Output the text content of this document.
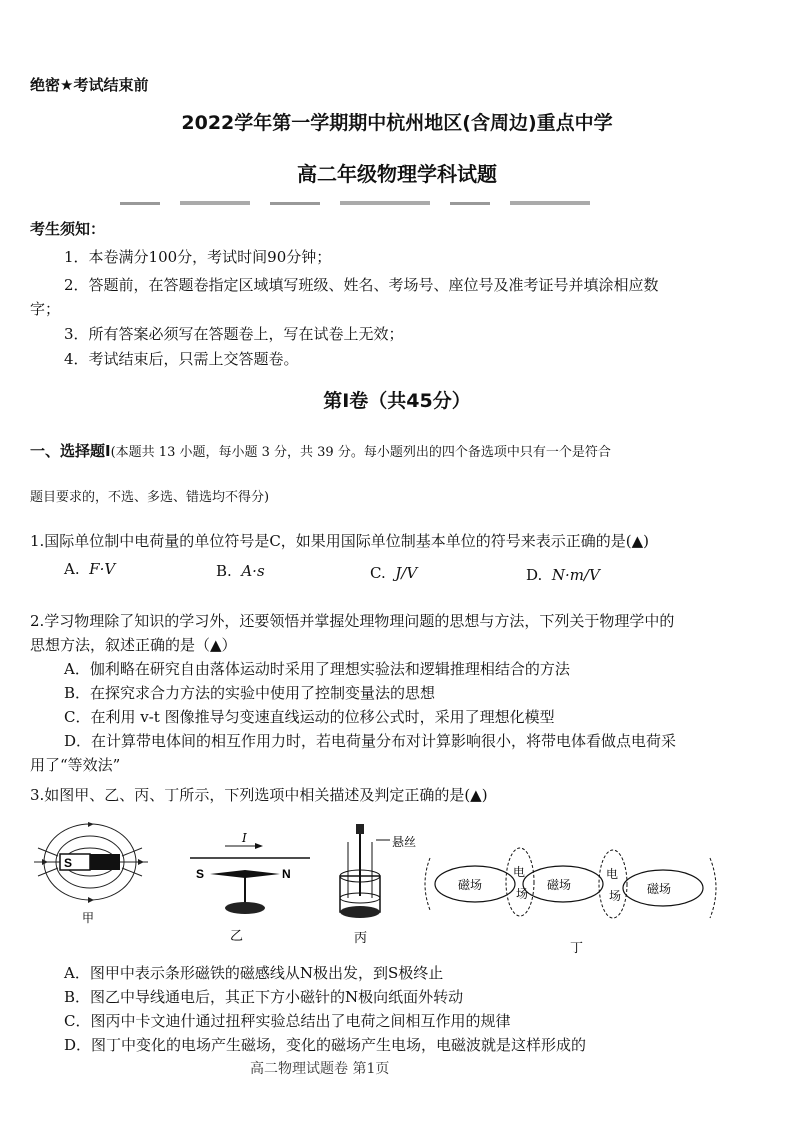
绝密★考试结束前
2022学年第一学期期中杭州地区(含周边)重点中学
高二年级物理学科试题
考生须知：
1．本卷满分100分，考试时间90分钟；
2．答题前，在答题卷指定区域填写班级、姓名、考场号、座位号及准考证号并填涂相应数
字；
3．所有答案必须写在答题卷上，写在试卷上无效；
4．考试结束后，只需上交答题卷。
第Ⅰ卷（共45分）
一、选择题Ⅰ(本题共 13 小题，每小题 3 分，共 39 分。每小题列出的四个备选项中只有一个是符合
题目要求的，不选、多选、错选均不得分)
1.国际单位制中电荷量的单位符号是C，如果用国际单位制基本单位的符号来表示正确的是(▲)
A. F·V	B. A·s	C. J/V	D. N·m/V
2.学习物理除了知识的学习外，还要领悟并掌握处理物理问题的思想与方法，下列关于物理学中的
思想方法，叙述正确的是（▲）
A．伽利略在研究自由落体运动时采用了理想实验法和逻辑推理相结合的方法
B．在探究求合力方法的实验中使用了控制变量法的思想
C．在利用 v-t 图像推导匀变速直线运动的位移公式时，采用了理想化模型
D．在计算带电体间的相互作用力时，若电荷量分布对计算影响很小，将带电体看做点电荷采
用了“等效法”
3.如图甲、乙、丙、丁所示，下列选项中相关描述及判定正确的是(▲)
S
甲
I
S	N
乙
悬丝
丙
磁场	磁场	磁场
电
场
电
场
丁
A．图甲中表示条形磁铁的磁感线从N极出发，到S极终止
B．图乙中导线通电后，其正下方小磁针的N极向纸面外转动
C．图丙中卡文迪什通过扭秤实验总结出了电荷之间相互作用的规律
D．图丁中变化的电场产生磁场，变化的磁场产生电场，电磁波就是这样形成的
高二物理试题卷 第1页
